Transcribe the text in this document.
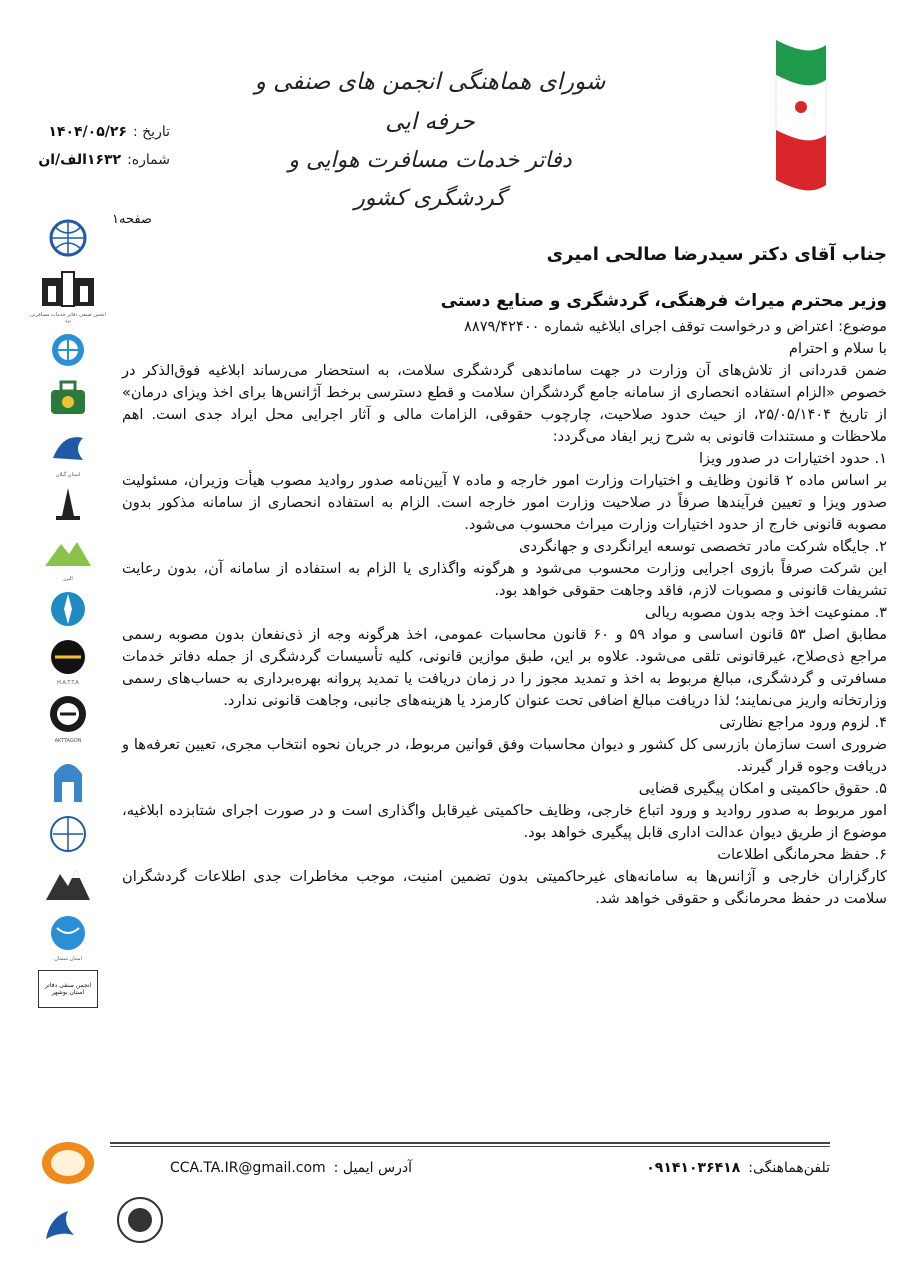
شورای هماهنگی انجمن های صنفی و حرفه ایی
دفاتر خدمات مسافرت هوایی و گردشگری کشور
تاریخ :
۱۴۰۴/۰۵/۲۶
شماره:
۱۶۳۲الف/ان
صفحه۱
انجمن صنفی دفاتر خدمات مسافرتی یزد
استان گیلان
البرز
H.A.T.T.A
AKTTAGON
استان سمنان
انجمن صنفی دفاتر استان بوشهر

جناب آقای دکتر سیدرضا صالحی امیری

وزیر محترم میراث فرهنگی، گردشگری و صنایع دستی

موضوع: اعتراض و درخواست توقف اجرای ابلاغیه شماره ۸۸۷۹/۴۲۴۰۰

با سلام و احترام

ضمن قدردانی از تلاش‌های آن وزارت در جهت ساماندهی گردشگری سلامت، به استحضار می‌رساند ابلاغیه فوق‌الذکر در خصوص «الزام استفاده انحصاری از سامانه جامع گردشگران سلامت و قطع دسترسی برخط آژانس‌ها برای اخذ ویزای درمان» از تاریخ ۲۵/۰۵/۱۴۰۴، از حیث حدود صلاحیت، چارچوب حقوقی، الزامات مالی و آثار اجرایی محل ایراد جدی است. اهم ملاحظات و مستندات قانونی به شرح زیر ایفاد می‌گردد:

۱. حدود اختیارات در صدور ویزا

بر اساس ماده ۲ قانون وظایف و اختیارات وزارت امور خارجه و ماده ۷ آیین‌نامه صدور روادید مصوب هیأت وزیران، مسئولیت صدور ویزا و تعیین فرآیندها صرفاً در صلاحیت وزارت امور خارجه است. الزام به استفاده انحصاری از سامانه مذکور بدون مصوبه قانونی خارج از حدود اختیارات وزارت میراث محسوب می‌شود.

۲. جایگاه شرکت مادر تخصصی توسعه ایرانگردی و جهانگردی

این شرکت صرفاً بازوی اجرایی وزارت محسوب می‌شود و هرگونه واگذاری یا الزام به استفاده از سامانه آن، بدون رعایت تشریفات قانونی و مصوبات لازم، فاقد وجاهت حقوقی خواهد بود.

۳. ممنوعیت اخذ وجه بدون مصوبه ریالی

مطابق اصل ۵۳ قانون اساسی و مواد ۵۹ و ۶۰ قانون محاسبات عمومی، اخذ هرگونه وجه از ذی‌نفعان بدون مصوبه رسمی مراجع ذی‌صلاح، غیرقانونی تلقی می‌شود. علاوه بر این، طبق موازین قانونی، کلیه تأسیسات گردشگری از جمله دفاتر خدمات مسافرتی و گردشگری، مبالغ مربوط به اخذ و تمدید مجوز را در زمان دریافت یا تمدید پروانه بهره‌برداری به حساب‌های رسمی وزارتخانه واریز می‌نمایند؛ لذا دریافت مبالغ اضافی تحت عنوان کارمزد یا هزینه‌های جانبی، وجاهت قانونی ندارد.

۴. لزوم ورود مراجع نظارتی

ضروری است سازمان بازرسی کل کشور و دیوان محاسبات وفق قوانین مربوط، در جریان نحوه انتخاب مجری، تعیین تعرفه‌ها و دریافت وجوه قرار گیرند.

۵. حقوق حاکمیتی و امکان پیگیری قضایی

امور مربوط به صدور روادید و ورود اتباع خارجی، وظایف حاکمیتی غیرقابل واگذاری است و در صورت اجرای شتابزده ابلاغیه، موضوع از طریق دیوان عدالت اداری قابل پیگیری خواهد بود.

۶. حفظ محرمانگی اطلاعات

کارگزاران خارجی و آژانس‌ها به سامانه‌های غیرحاکمیتی بدون تضمین امنیت، موجب مخاطرات جدی اطلاعات گردشگران سلامت در حفظ محرمانگی و حقوقی خواهد شد.

آدرس ایمیل :
CCA.TA.IR@gmail.com	تلفن‌هماهنگی:
۰۹۱۴۱۰۳۶۴۱۸
